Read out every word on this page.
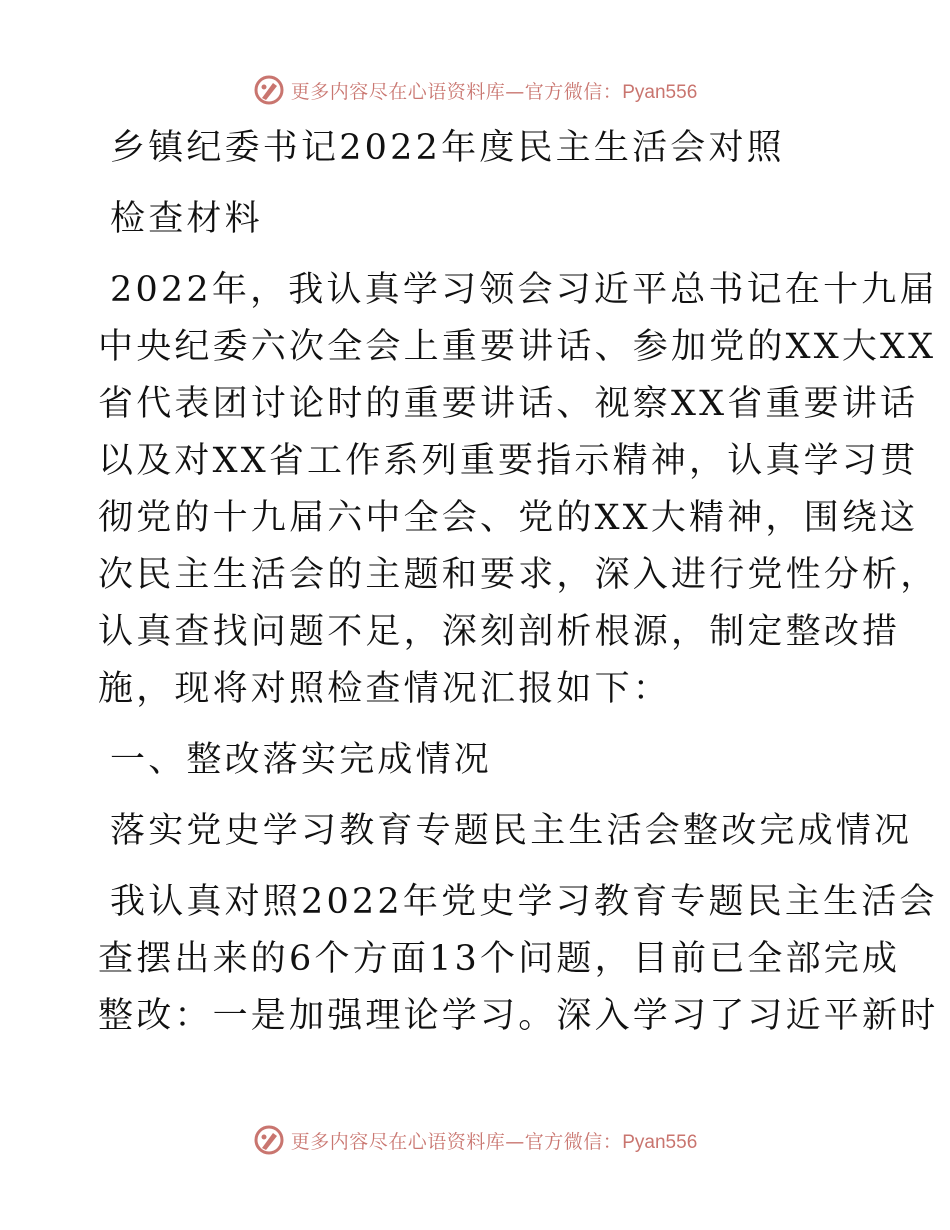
更多内容尽在心语资料库—官方微信：Pyan556
乡镇纪委书记2022年度民主生活会对照
检查材料
2022年，我认真学习领会习近平总书记在十九届
中央纪委六次全会上重要讲话、参加党的XX大XX
省代表团讨论时的重要讲话、视察XX省重要讲话
以及对XX省工作系列重要指示精神，认真学习贯
彻党的十九届六中全会、党的XX大精神，围绕这
次民主生活会的主题和要求，深入进行党性分析，
认真查找问题不足，深刻剖析根源，制定整改措
施，现将对照检查情况汇报如下：
一、整改落实完成情况
落实党史学习教育专题民主生活会整改完成情况
我认真对照2022年党史学习教育专题民主生活会
查摆出来的6个方面13个问题，目前已全部完成
整改：一是加强理论学习。深入学习了习近平新时
更多内容尽在心语资料库—官方微信：Pyan556
